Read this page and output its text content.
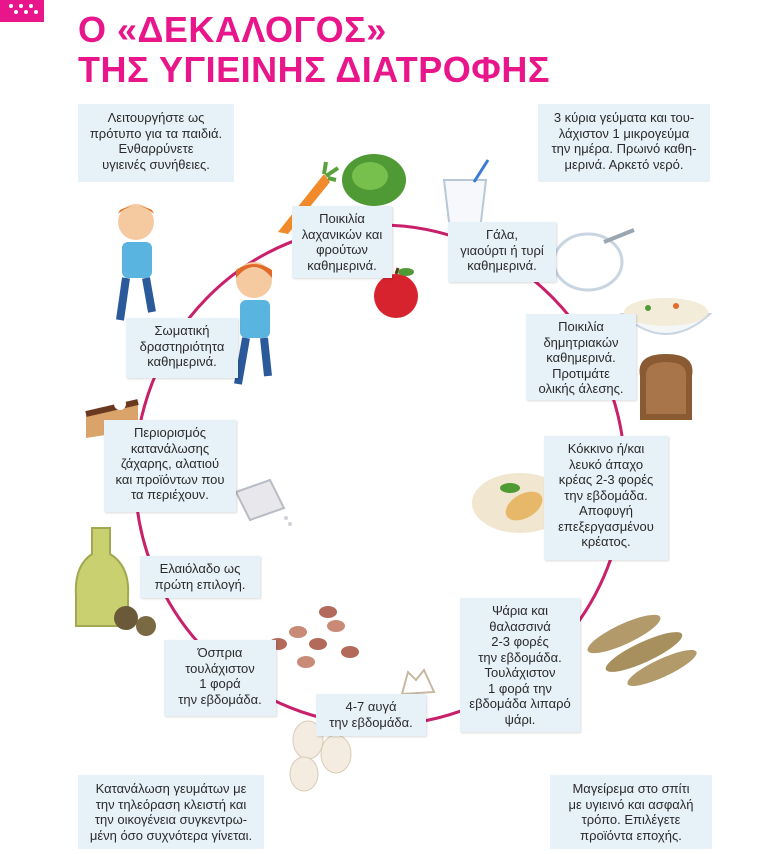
Ο «ΔΕΚΑΛΟΓΟΣ»
ΤΗΣ ΥΓΙΕΙΝΗΣ ΔΙΑΤΡΟΦΗΣ
Λειτουργήστε ως
πρότυπο για τα παιδιά.
Ενθαρρύνετε
υγιεινές συνήθειες.
3 κύρια γεύματα και του-
λάχιστον 1 μικρογεύμα
την ημέρα. Πρωινό καθη-
μερινά. Αρκετό νερό.
Κατανάλωση γευμάτων με
την τηλεόραση κλειστή και
την οικογένεια συγκεντρω-
μένη όσο συχνότερα γίνεται.
Μαγείρεμα στο σπίτι
με υγιεινό και ασφαλή
τρόπο. Επιλέγετε
προϊόντα εποχής.
Ποικιλία
λαχανικών και
φρούτων
καθημερινά.
Γάλα,
γιαούρτι ή τυρί
καθημερινά.
Ποικιλία
δημητριακών
καθημερινά.
Προτιμάτε
ολικής άλεσης.
Κόκκινο ή/και
λευκό άπαχο
κρέας 2-3 φορές
την εβδομάδα.
Αποφυγή
επεξεργασμένου
κρέατος.
Ψάρια και
θαλασσινά
2-3 φορές
την εβδομάδα.
Τουλάχιστον
1 φορά την
εβδομάδα λιπαρό
ψάρι.
4-7 αυγά
την εβδομάδα.
Όσπρια
τουλάχιστον
1 φορά
την εβδομάδα.
Ελαιόλαδο ως
πρώτη επιλογή.
Περιορισμός
κατανάλωσης
ζάχαρης, αλατιού
και προϊόντων που
τα περιέχουν.
Σωματική
δραστηριότητα
καθημερινά.
